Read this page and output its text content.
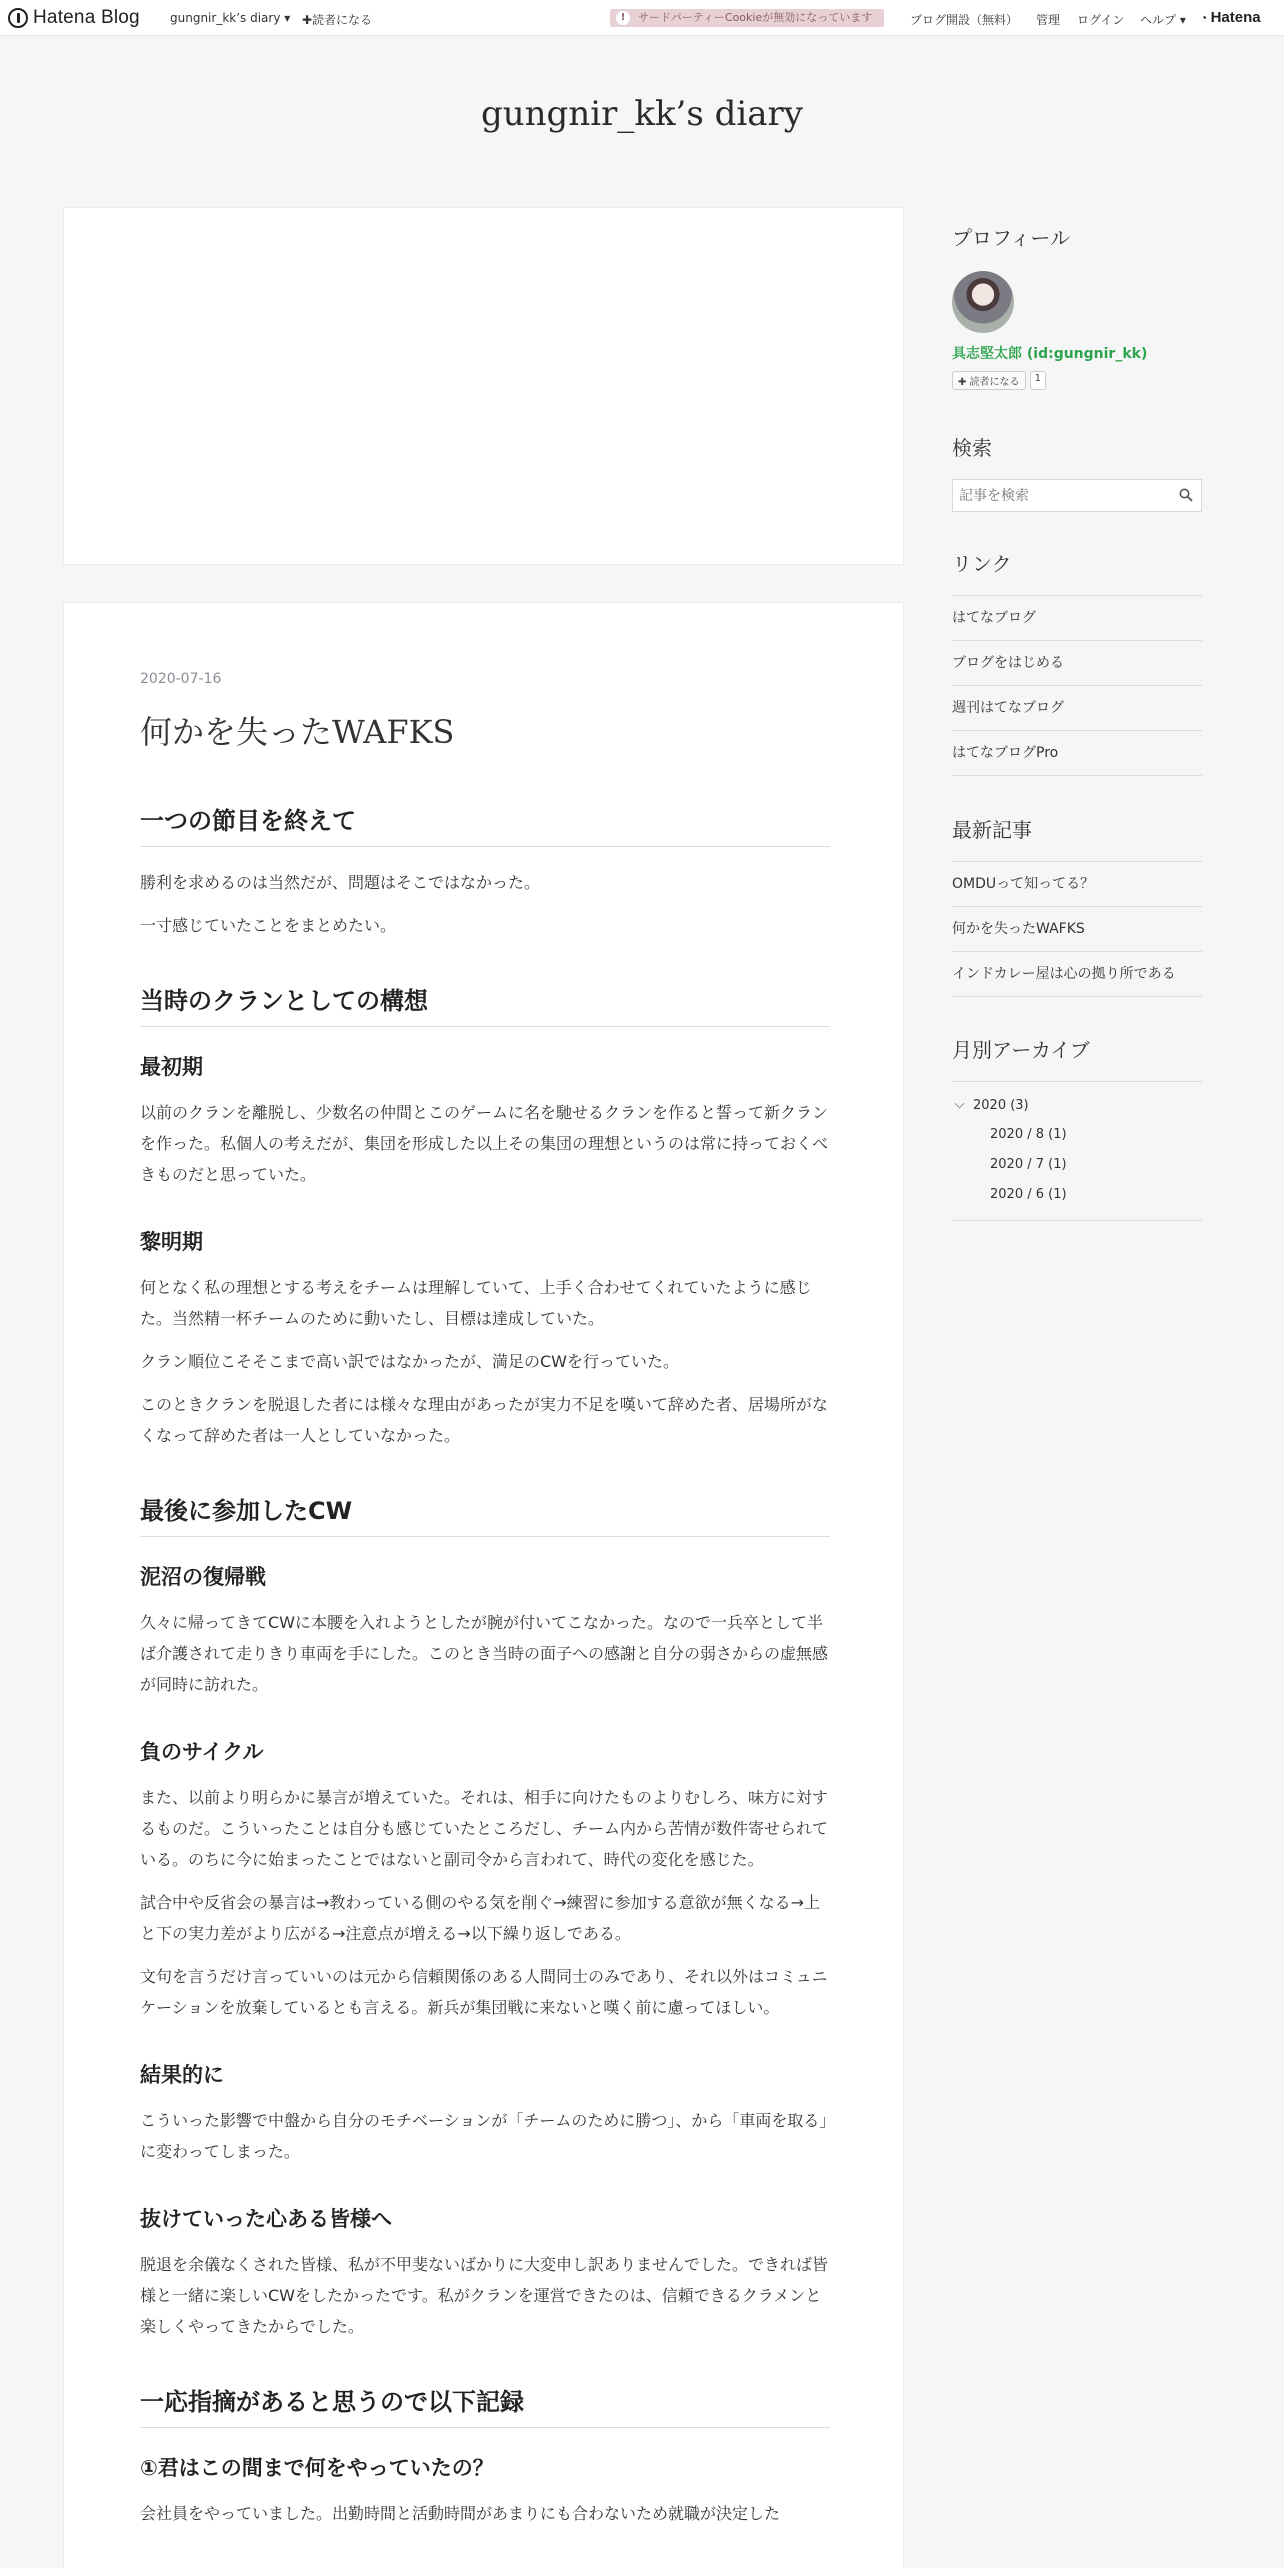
Hatena Blog	gungnir_kk’s diary ▾ ✚読者になる	!	サードパーティーCookieが無効になっています	ブログ開設（無料） 管理 ログイン ヘルプ ▾ ◔ Hatena
gungnir_kk’s diary
2020-07-16
何かを失ったWAFKS
一つの節目を終えて

勝利を求めるのは当然だが、問題はそこではなかった。

一寸感じていたことをまとめたい。

当時のクランとしての構想
最初期

以前のクランを離脱し、少数名の仲間とこのゲームに名を馳せるクランを作ると誓って新クランを作った。私個人の考えだが、集団を形成した以上その集団の理想というのは常に持っておくべきものだと思っていた。

黎明期

何となく私の理想とする考えをチームは理解していて、上手く合わせてくれていたように感じた。当然精一杯チームのために動いたし、目標は達成していた。

クラン順位こそそこまで高い訳ではなかったが、満足のCWを行っていた。

このときクランを脱退した者には様々な理由があったが実力不足を嘆いて辞めた者、居場所がなくなって辞めた者は一人としていなかった。

最後に参加したCW
泥沼の復帰戦

久々に帰ってきてCWに本腰を入れようとしたが腕が付いてこなかった。なので一兵卒として半ば介護されて走りきり車両を手にした。このとき当時の面子への感謝と自分の弱さからの虚無感が同時に訪れた。

負のサイクル

また、以前より明らかに暴言が増えていた。それは、相手に向けたものよりむしろ、味方に対するものだ。こういったことは自分も感じていたところだし、チーム内から苦情が数件寄せられている。のちに今に始まったことではないと副司令から言われて、時代の変化を感じた。

試合中や反省会の暴言は→教わっている側のやる気を削ぐ→練習に参加する意欲が無くなる→上と下の実力差がより広がる→注意点が増える→以下繰り返しである。

文句を言うだけ言っていいのは元から信頼関係のある人間同士のみであり、それ以外はコミュニケーションを放棄しているとも言える。新兵が集団戦に来ないと嘆く前に慮ってほしい。

結果的に

こういった影響で中盤から自分のモチベーションが「チームのために勝つ」、から「車両を取る」に変わってしまった。

抜けていった心ある皆様へ

脱退を余儀なくされた皆様、私が不甲斐ないばかりに大変申し訳ありませんでした。できれば皆様と一緒に楽しいCWをしたかったです。私がクランを運営できたのは、信頼できるクラメンと楽しくやってきたからでした。

一応指摘があると思うので以下記録
①君はこの間まで何をやっていたの？

会社員をやっていました。出勤時間と活動時間があまりにも合わないため就職が決定した

プロフィール
具志堅太郎 (id:gungnir_kk)
✚ 読者になる	1
検索
記事を検索
リンク
はてなブログ
ブログをはじめる
週刊はてなブログ
はてなブログPro
最新記事
OMDUって知ってる？
何かを失ったWAFKS
インドカレー屋は心の拠り所である
月別アーカイブ
2020 (3)
2020 / 8 (1)
2020 / 7 (1)
2020 / 6 (1)
